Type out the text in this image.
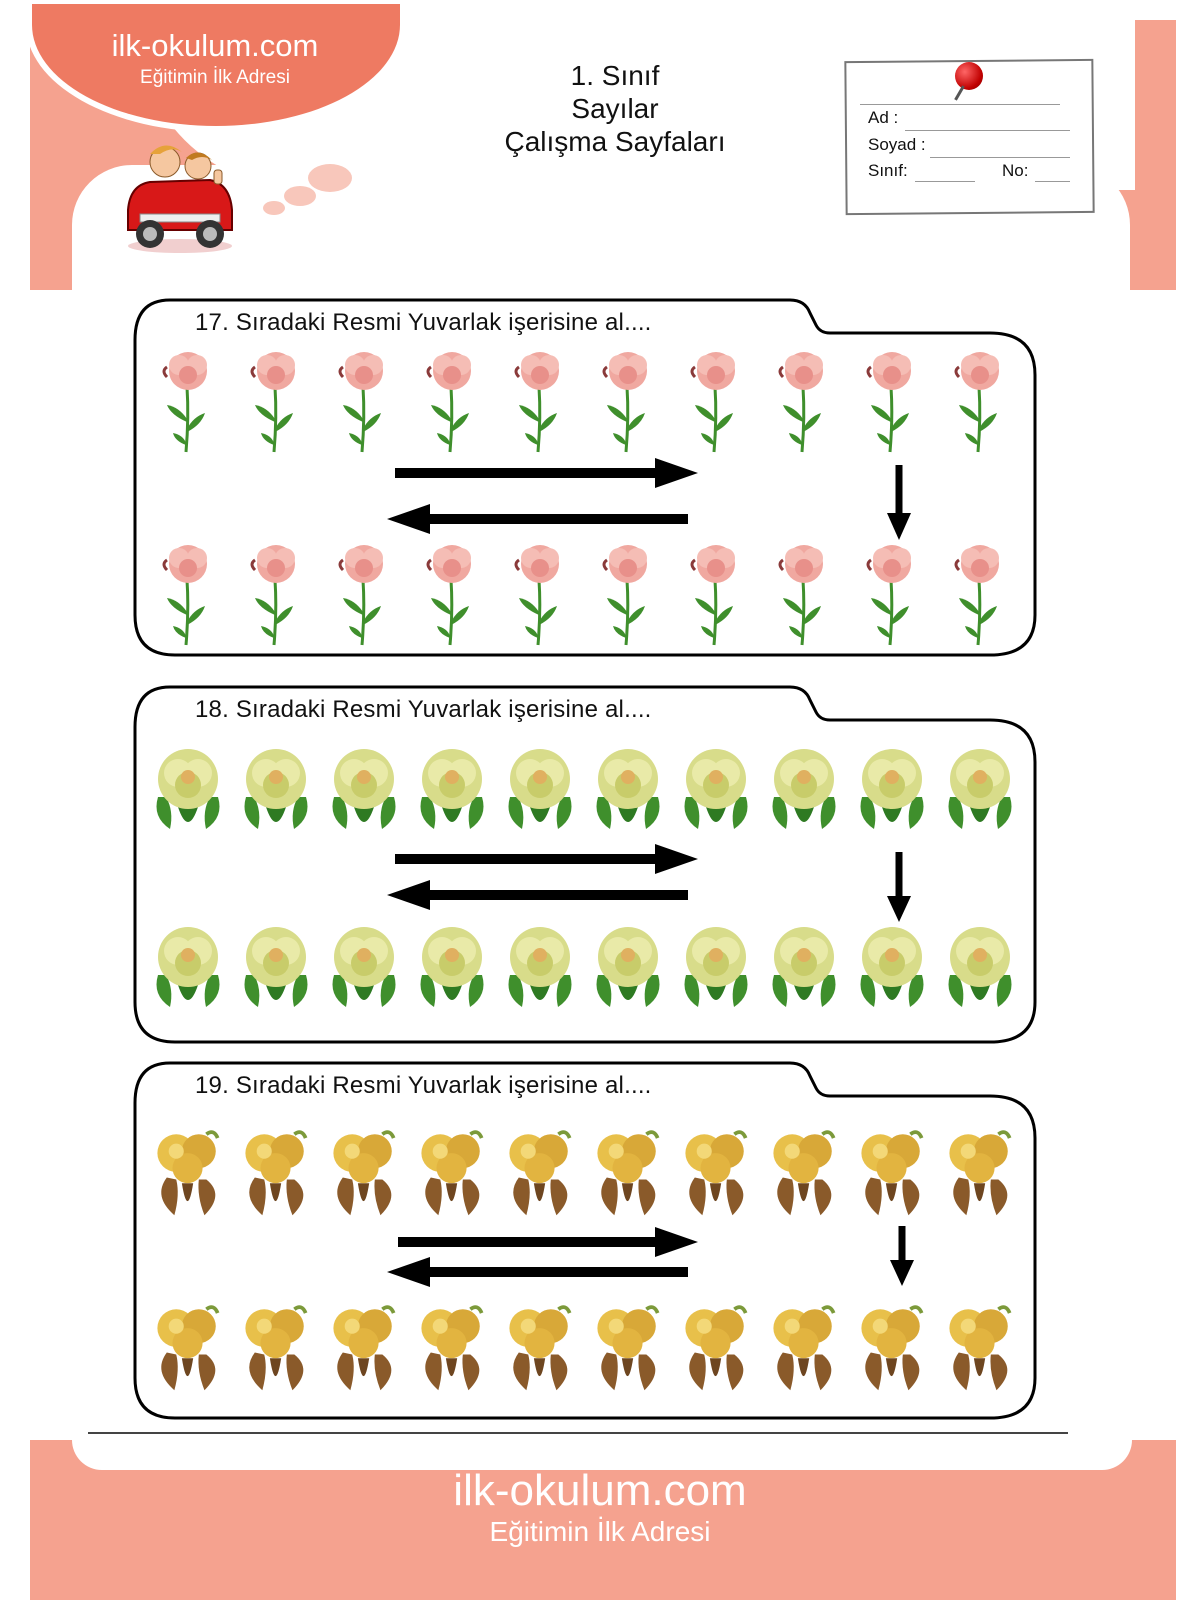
ilk-okulum.com
Eğitimin İlk Adresi	1. Sınıf
Sayılar
Çalışma Sayfaları
Ad :
Soyad :
Sınıf:	No:
17. Sıradaki Resmi Yuvarlak işerisine al....
18. Sıradaki Resmi Yuvarlak işerisine al....
19. Sıradaki Resmi Yuvarlak işerisine al....
ilk-okulum.com
Eğitimin İlk Adresi
